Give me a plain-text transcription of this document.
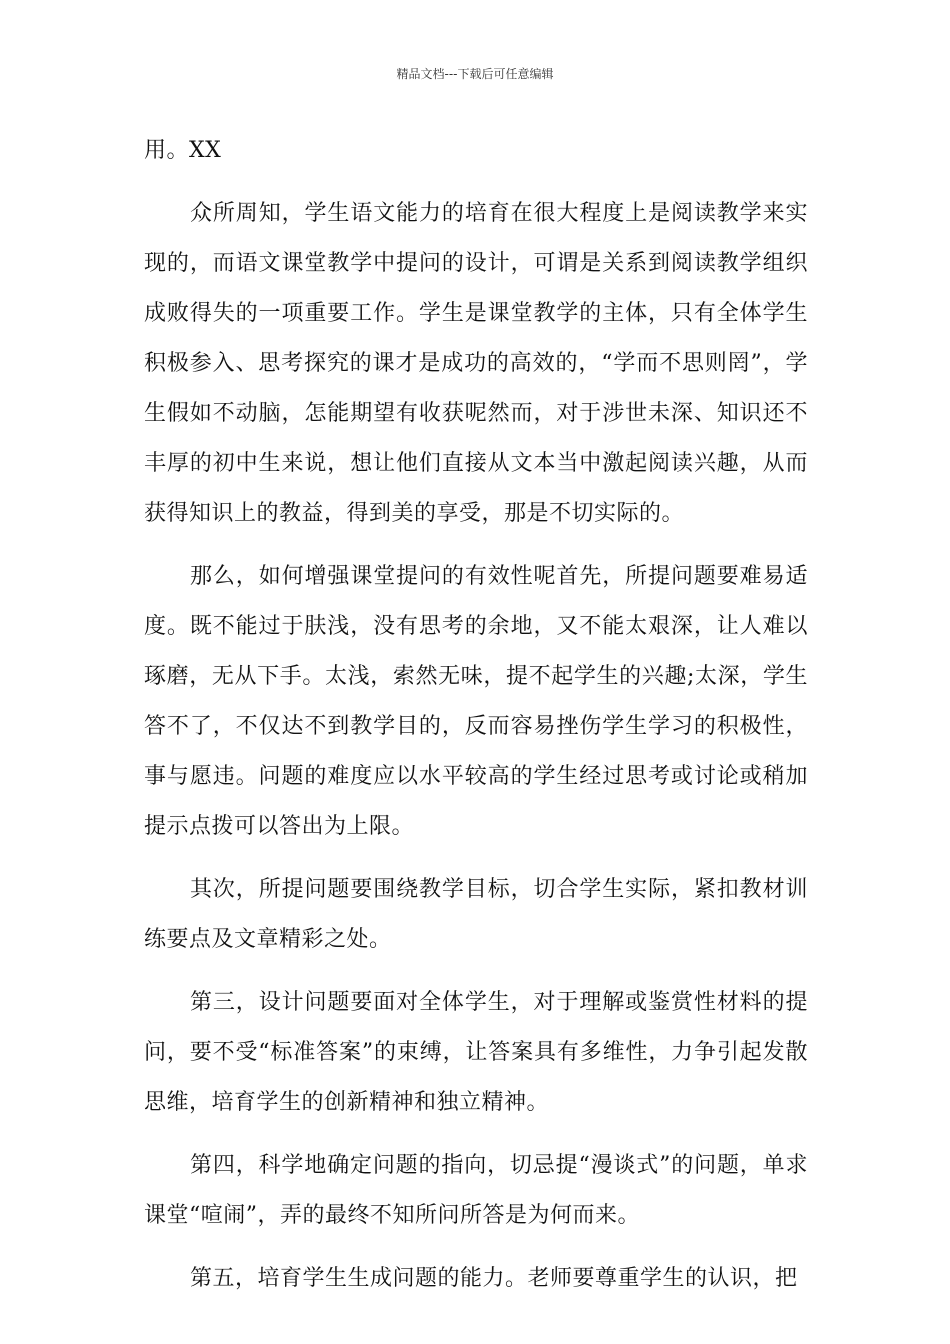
精品文档---下载后可任意编辑

用。XX

众所周知，学生语文能力的培育在很大程度上是阅读教学来实现的，而语文课堂教学中提问的设计，可谓是关系到阅读教学组织成败得失的一项重要工作。学生是课堂教学的主体，只有全体学生积极参入、思考探究的课才是成功的高效的，“学而不思则罔”，学生假如不动脑，怎能期望有收获呢然而，对于涉世未深、知识还不丰厚的初中生来说，想让他们直接从文本当中激起阅读兴趣，从而获得知识上的教益，得到美的享受，那是不切实际的。

那么，如何增强课堂提问的有效性呢首先，所提问题要难易适度。既不能过于肤浅，没有思考的余地，又不能太艰深，让人难以琢磨，无从下手。太浅，索然无味，提不起学生的兴趣;太深，学生答不了，不仅达不到教学目的，反而容易挫伤学生学习的积极性，事与愿违。问题的难度应以水平较高的学生经过思考或讨论或稍加提示点拨可以答出为上限。

其次，所提问题要围绕教学目标，切合学生实际，紧扣教材训练要点及文章精彩之处。

第三，设计问题要面对全体学生，对于理解或鉴赏性材料的提问，要不受“标准答案”的束缚，让答案具有多维性，力争引起发散思维，培育学生的创新精神和独立精神。

第四，科学地确定问题的指向，切忌提“漫谈式”的问题，单求课堂“喧闹”，弄的最终不知所问所答是为何而来。

第五，培育学生生成问题的能力。老师要尊重学生的认识，把
